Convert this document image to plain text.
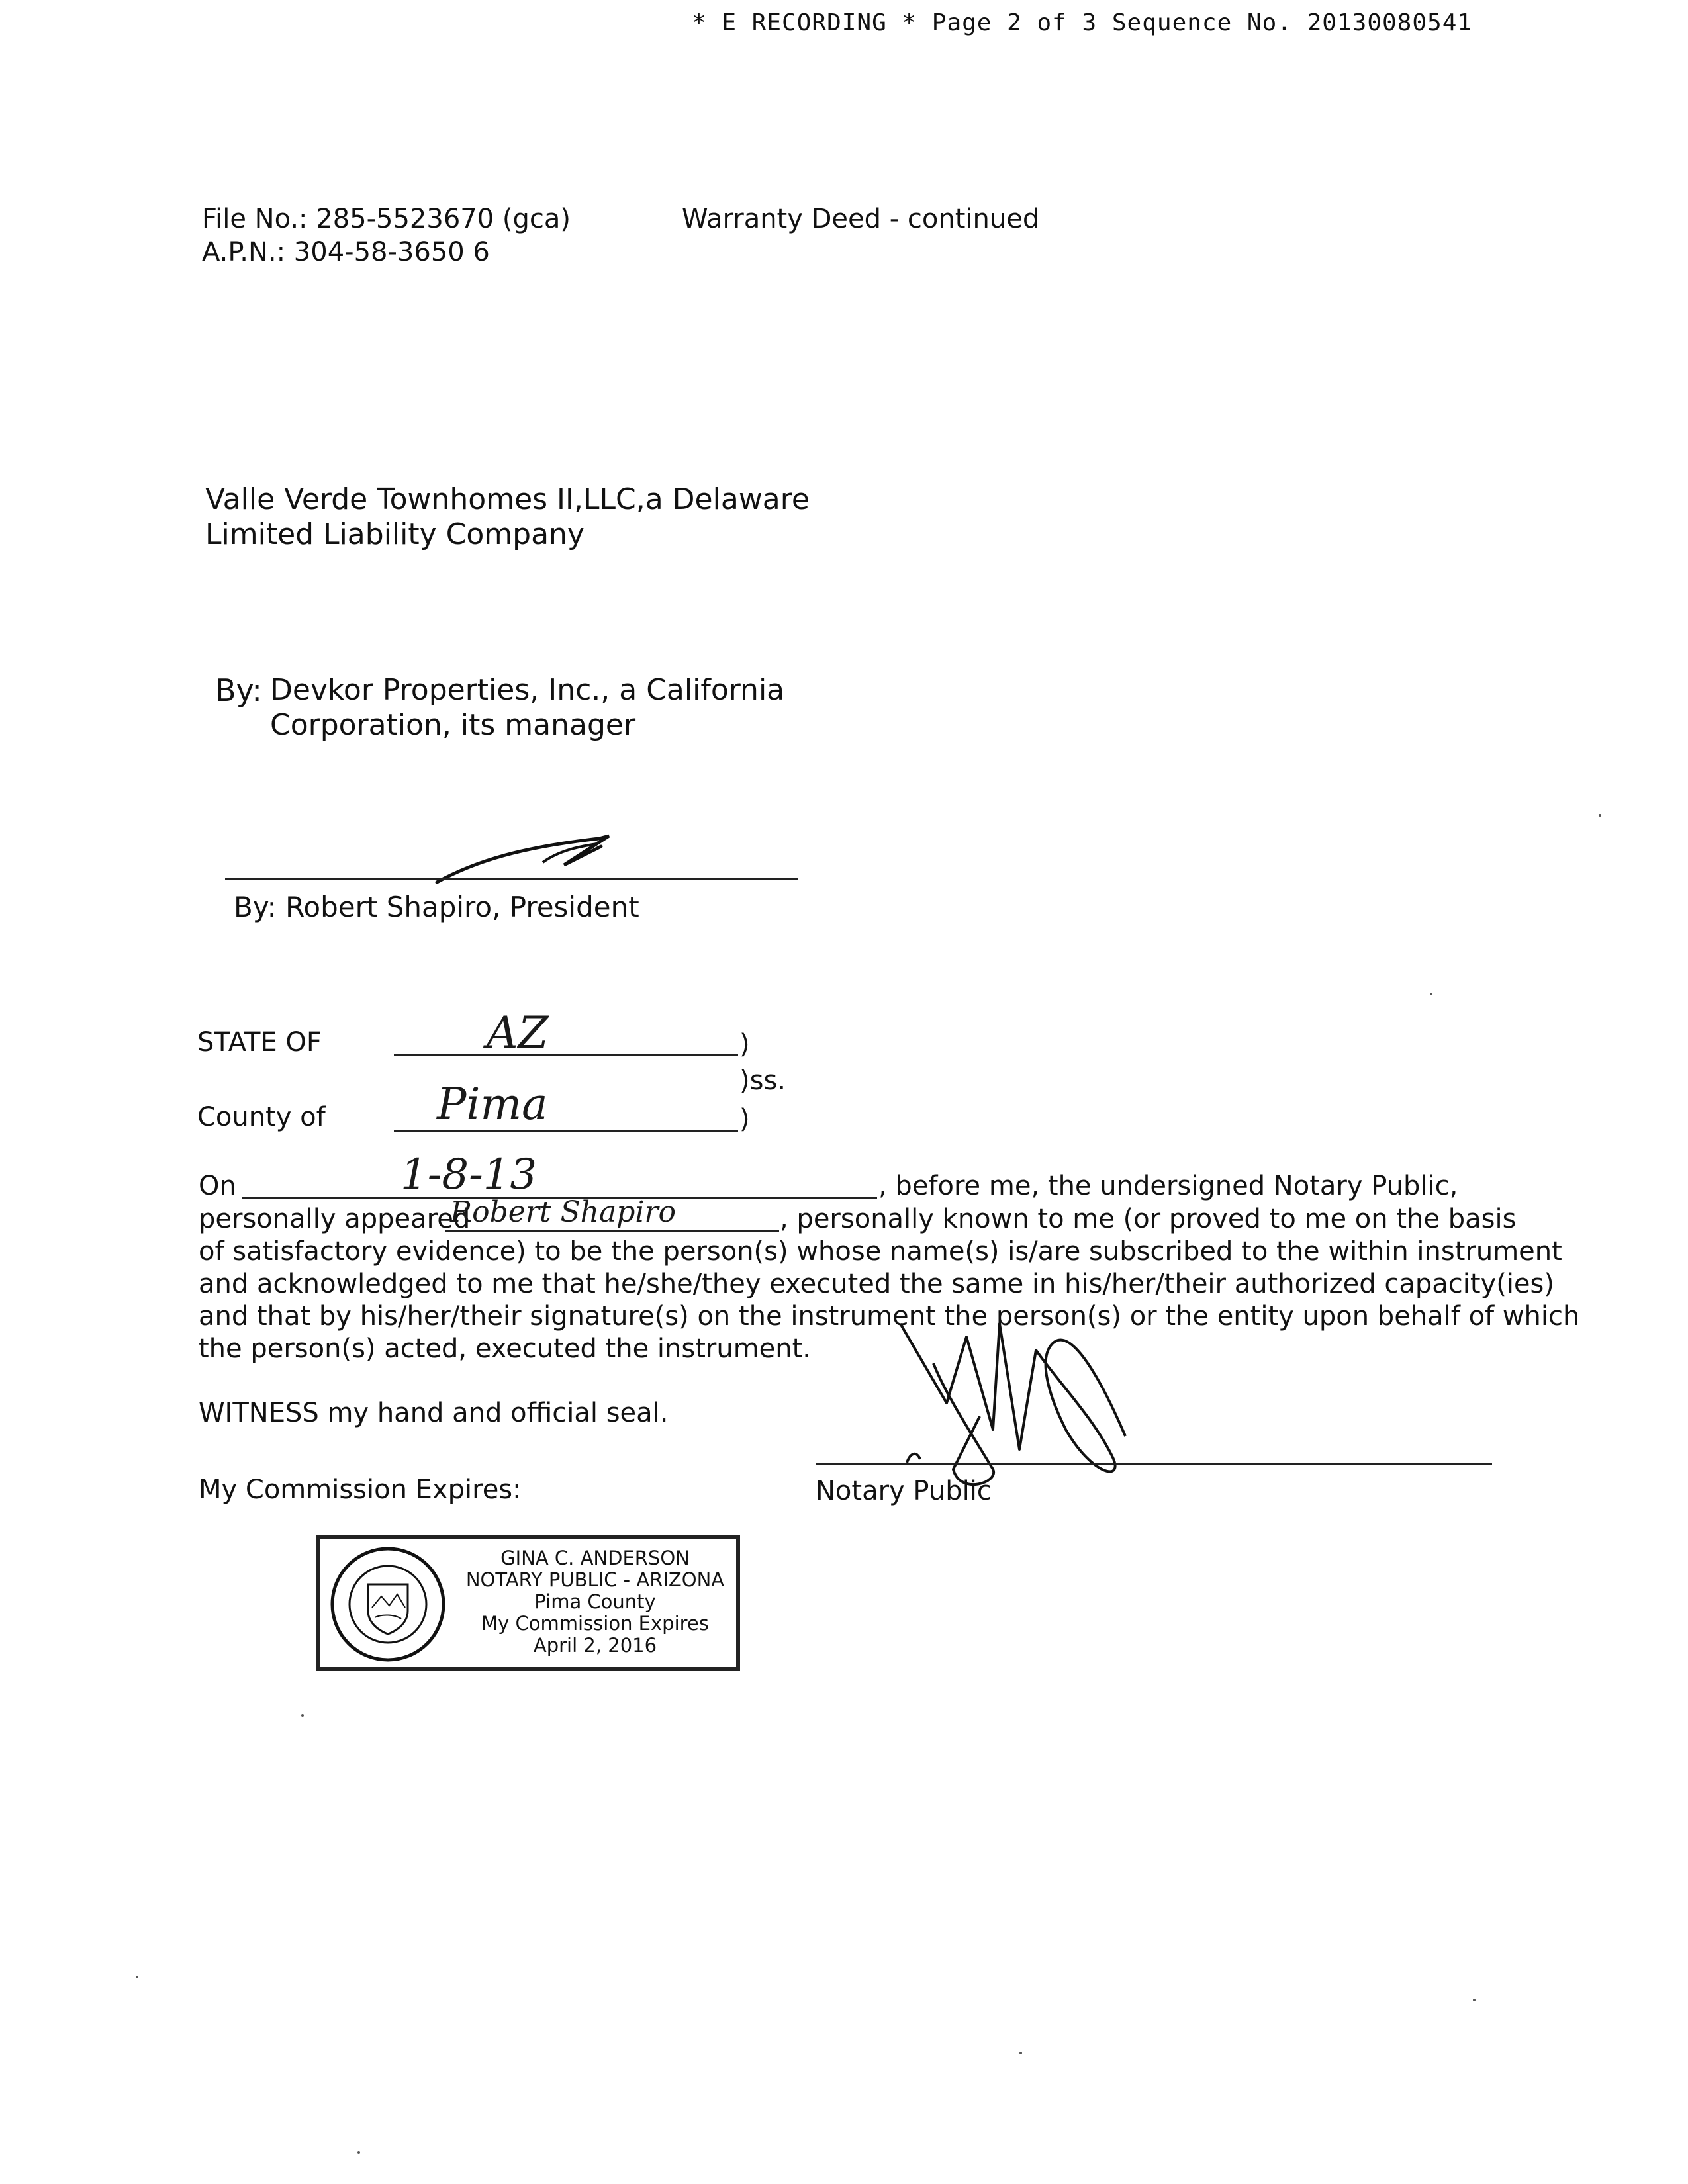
* E RECORDING * Page 2 of 3 Sequence No. 20130080541
File No.: 285-5523670 (gca)
A.P.N.: 304-58-3650 6
Warranty Deed - continued
Valle Verde Townhomes II,LLC,a Delaware
Limited Liability Company
By: Devkor Properties, Inc., a California
Corporation, its manager
By: Robert Shapiro, President
STATE OF	AZ	)
)ss.
County of	Pima	)
On	1-8-13	, before me, the undersigned Notary Public,
personally appeared
Robert Shapiro	, personally known to me (or proved to me on the basis
of satisfactory evidence) to be the person(s) whose name(s) is/are subscribed to the within instrument
and acknowledged to me that he/she/they executed the same in his/her/their authorized capacity(ies)
and that by his/her/their signature(s) on the instrument the person(s) or the entity upon behalf of which
the person(s) acted, executed the instrument.
WITNESS my hand and official seal.
My Commission Expires:	Notary Public
GINA C. ANDERSON
NOTARY PUBLIC - ARIZONA
Pima County
My Commission Expires
April 2, 2016
